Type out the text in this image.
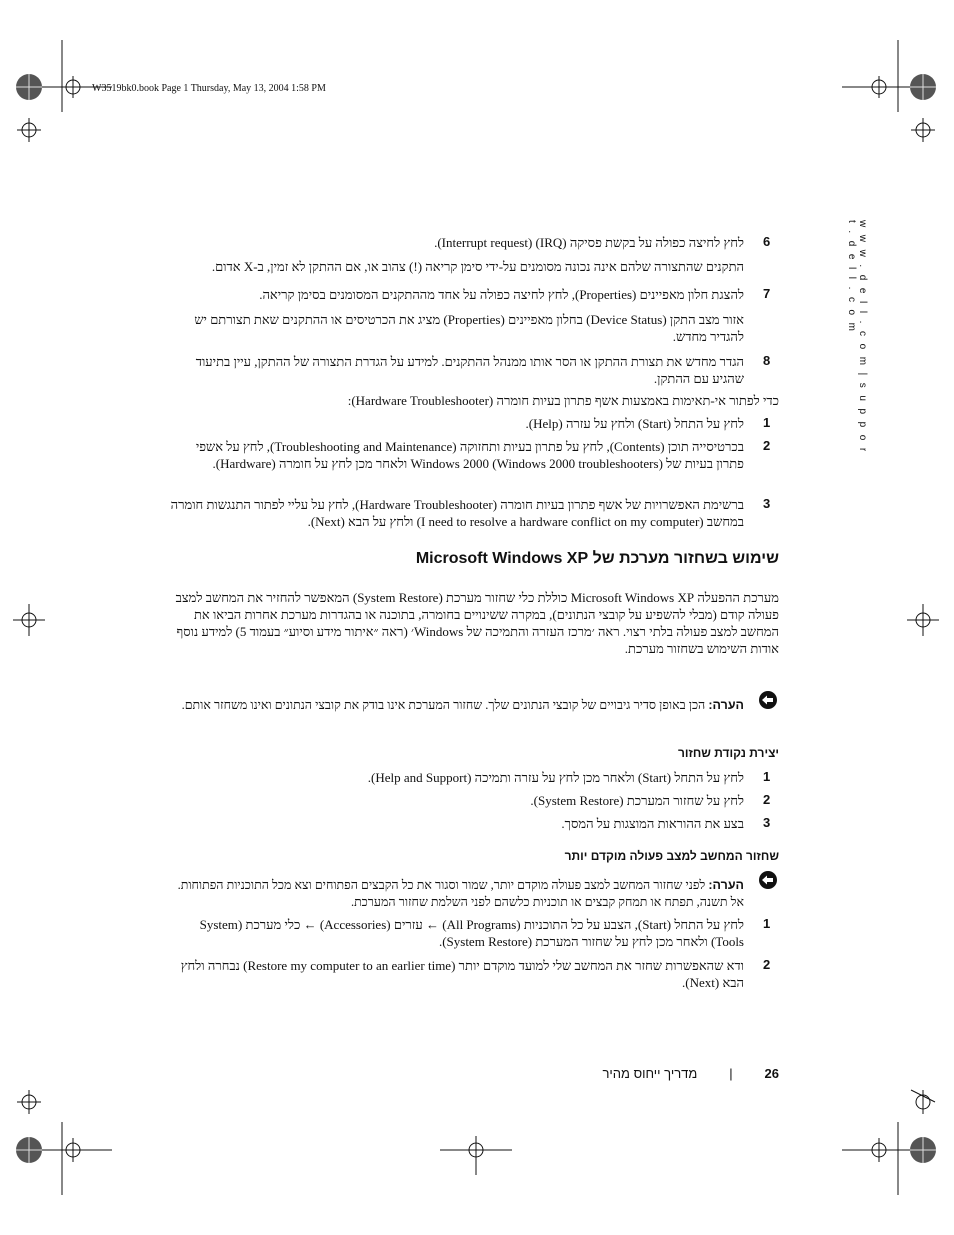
W3519bk0.book Page 1 Thursday, May 13, 2004 1:58 PM
w w w . d e l l . c o m | s u p p o r t . d e l l . c o m
6
לחץ לחיצה כפולה על בקשת פסיקה (IRQ) (Interrupt request).
התקנים שהתצורה שלהם אינה נכונה מסומנים על-ידי סימן קריאה (!) צהוב או, אם ההתקן לא זמין, ב-X אדום.
7
להצגת חלון מאפיינים (Properties), לחץ לחיצה כפולה על אחד מההתקנים המסומנים בסימן קריאה.
אזור מצב התקן (Device Status) בחלון מאפיינים (Properties) מציג את הכרטיסים או ההתקנים שאת תצורתם יש להגדיר מחדש.
8
הגדר מחדש את תצורת ההתקן או הסר אותו ממנהל ההתקנים. למידע על הגדרת התצורה של ההתקן, עיין בתיעוד שהגיע עם ההתקן.
כדי לפתור אי-תאימות באמצעות אשף פתרון בעיות חומרה (Hardware Troubleshooter):
1
לחץ על התחל (Start) ולחץ על עזרה (Help).
2
בכרטיסייה תוכן (Contents), לחץ על פתרון בעיות ותחזוקה (Troubleshooting and Maintenance), לחץ על אשפי פתרון בעיות של Windows 2000 (Windows 2000 troubleshooters) ולאחר מכן לחץ על חומרה (Hardware).
3
ברשימת האפשרויות של אשף פתרון בעיות חומרה (Hardware Troubleshooter), לחץ על עליי לפתור התנגשות חומרה במחשב (I need to resolve a hardware conflict on my computer) ולחץ על הבא (Next).
שימוש בשחזור מערכת של Microsoft Windows XP
מערכת ההפעלה Microsoft Windows XP כוללת כלי שחזור מערכת (System Restore) המאפשר להחזיר את המחשב למצב פעולה קודם (מבלי להשפיע על קובצי הנתונים), במקרה ששינויים בחומרה, בתוכנה או בהגדרות מערכת אחרות הביאו את המחשב למצב פעולה בלתי רצוי. ראה ׳מרכז העזרה והתמיכה של Windows׳ (ראה ״איתור מידע וסיוע״ בעמוד 5) למידע נוסף אודות השימוש בשחזור מערכת.
הערה: הכן באופן סדיר גיבויים של קובצי הנתונים שלך. שחזור המערכת אינו בודק את קובצי הנתונים ואינו משחזר אותם.
יצירת נקודת שחזור
1
לחץ על התחל (Start) ולאחר מכן לחץ על עזרה ותמיכה (Help and Support).
2
לחץ על שחזור המערכת (System Restore).
3
בצע את ההוראות המוצגות על המסך.
שחזור המחשב למצב פעולה מוקדם יותר
הערה: לפני שחזור המחשב למצב פעולה מוקדם יותר, שמור וסגור את כל הקבצים הפתוחים וצא מכל התוכניות הפתוחות. אל תשנה, תפתח או תמחק קבצים או תוכניות כלשהם לפני השלמת שחזור המערכת.
1
לחץ על התחל (Start), הצבע על כל התוכניות (All Programs) ← עזרים (Accessories) ← כלי מערכת (System Tools) ולאחר מכן לחץ על שחזור המערכת (System Restore).
2
ודא שהאפשרות שחזר את המחשב שלי למועד מוקדם יותר (Restore my computer to an earlier time) נבחרה ולחץ הבא (Next).
26 | מדריך ייחוס מהיר
